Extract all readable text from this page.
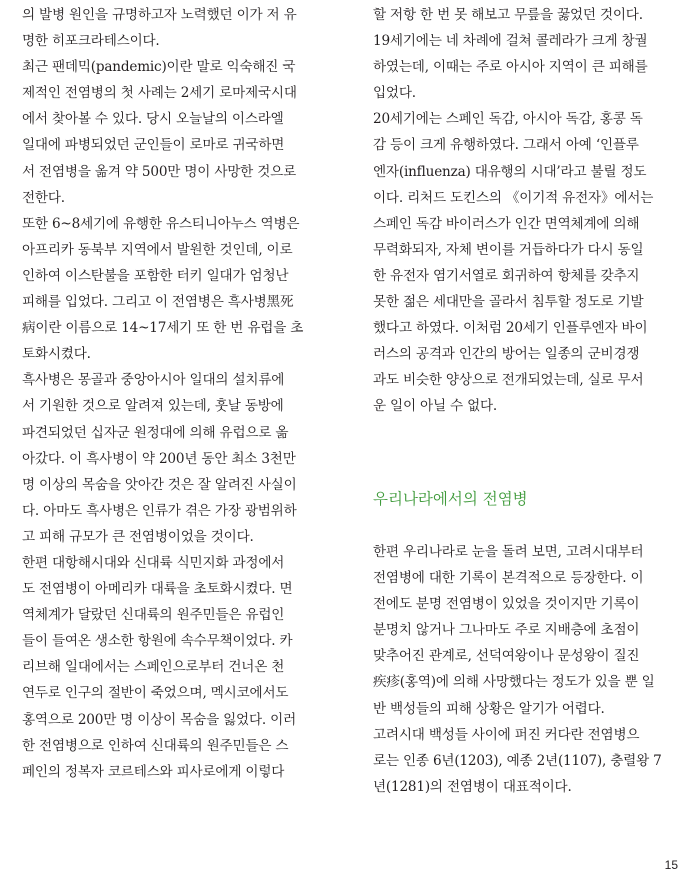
의 발병 원인을 규명하고자 노력했던 이가 저 유
명한 히포크라테스이다.
최근 팬데믹(pandemic)이란 말로 익숙해진 국
제적인 전염병의 첫 사례는 2세기 로마제국시대
에서 찾아볼 수 있다. 당시 오늘날의 이스라엘
일대에 파병되었던 군인들이 로마로 귀국하면
서 전염병을 옮겨 약 500만 명이 사망한 것으로
전한다.
또한 6~8세기에 유행한 유스티니아누스 역병은
아프리카 동북부 지역에서 발원한 것인데, 이로
인하여 이스탄불을 포함한 터키 일대가 엄청난
피해를 입었다. 그리고 이 전염병은 흑사병黑死
病이란 이름으로 14~17세기 또 한 번 유럽을 초
토화시켰다.
흑사병은 몽골과 중앙아시아 일대의 설치류에
서 기원한 것으로 알려져 있는데, 훗날 동방에
파견되었던 십자군 원정대에 의해 유럽으로 옮
아갔다. 이 흑사병이 약 200년 동안 최소 3천만
명 이상의 목숨을 앗아간 것은 잘 알려진 사실이
다. 아마도 흑사병은 인류가 겪은 가장 광범위하
고 피해 규모가 큰 전염병이었을 것이다.
한편 대항해시대와 신대륙 식민지화 과정에서
도 전염병이 아메리카 대륙을 초토화시켰다. 면
역체계가 달랐던 신대륙의 원주민들은 유럽인
들이 들여온 생소한 항원에 속수무책이었다. 카
리브해 일대에서는 스페인으로부터 건너온 천
연두로 인구의 절반이 죽었으며, 멕시코에서도
홍역으로 200만 명 이상이 목숨을 잃었다. 이러
한 전염병으로 인하여 신대륙의 원주민들은 스
페인의 정복자 코르테스와 피사로에게 이렇다
할 저항 한 번 못 해보고 무릎을 꿇었던 것이다.
19세기에는 네 차례에 걸쳐 콜레라가 크게 창궐
하였는데, 이때는 주로 아시아 지역이 큰 피해를
입었다.
20세기에는 스페인 독감, 아시아 독감, 홍콩 독
감 등이 크게 유행하였다. 그래서 아예 ‘인플루
엔자(influenza) 대유행의 시대’라고 불릴 정도
이다. 리처드 도킨스의 《이기적 유전자》에서는
스페인 독감 바이러스가 인간 면역체계에 의해
무력화되자, 자체 변이를 거듭하다가 다시 동일
한 유전자 염기서열로 회귀하여 항체를 갖추지
못한 젊은 세대만을 골라서 침투할 정도로 기발
했다고 하였다. 이처럼 20세기 인플루엔자 바이
러스의 공격과 인간의 방어는 일종의 군비경쟁
과도 비슷한 양상으로 전개되었는데, 실로 무서
운 일이 아닐 수 없다.
우리나라에서의 전염병
한편 우리나라로 눈을 돌려 보면, 고려시대부터
전염병에 대한 기록이 본격적으로 등장한다. 이
전에도 분명 전염병이 있었을 것이지만 기록이
분명치 않거나 그나마도 주로 지배층에 초점이
맞추어진 관계로, 선덕여왕이나 문성왕이 질진
疾疹(홍역)에 의해 사망했다는 정도가 있을 뿐 일
반 백성들의 피해 상황은 알기가 어렵다.
고려시대 백성들 사이에 퍼진 커다란 전염병으
로는 인종 6년(1203), 예종 2년(1107), 충렬왕 7
년(1281)의 전염병이 대표적이다.
15
